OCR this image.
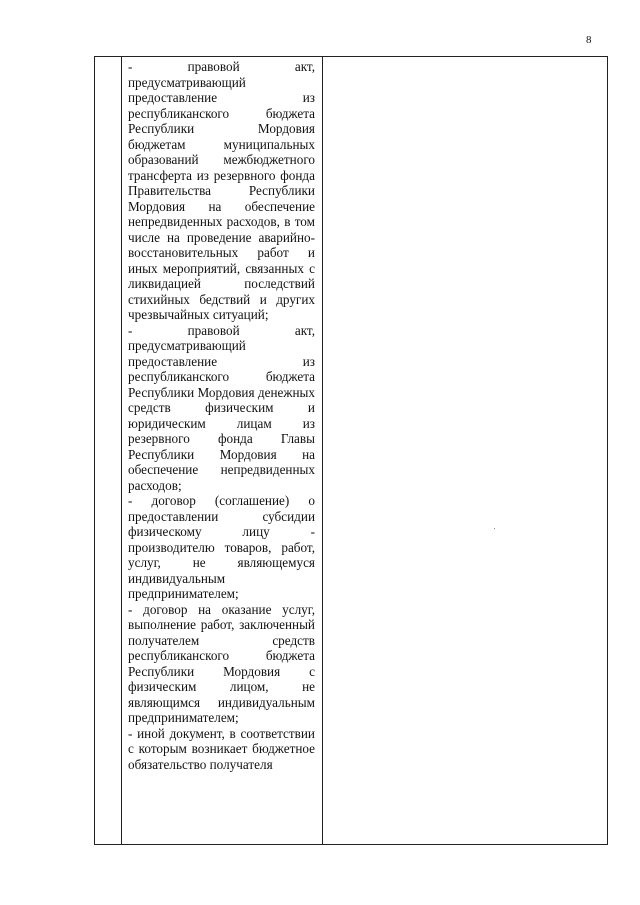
8

- правовой акт, предусматривающий предоставление из республиканского бюджета Республики Мордовия бюджетам муниципальных образований межбюджетного трансферта из резервного фонда Правительства Республики Мордовия на обеспечение непредвиденных расходов, в том числе на проведение аварийно-восстановительных работ и иных мероприятий, связанных с ликвидацией последствий стихийных бедствий и других чрезвычайных ситуаций;

- правовой акт, предусматривающий предоставление из республиканского бюджета Республики Мордовия денежных средств физическим и юридическим лицам из резервного фонда Главы Республики Мордовия на обеспечение непредвиденных расходов;

- договор (соглашение) о предоставлении субсидии физическому лицу - производителю товаров, работ, услуг, не являющемуся индивидуальным предпринимателем;

- договор на оказание услуг, выполнение работ, заключенный получателем средств республиканского бюджета Республики Мордовия с физическим лицом, не являющимся индивидуальным предпринимателем;

- иной документ, в соответствии с которым возникает бюджетное обязательство получателя
